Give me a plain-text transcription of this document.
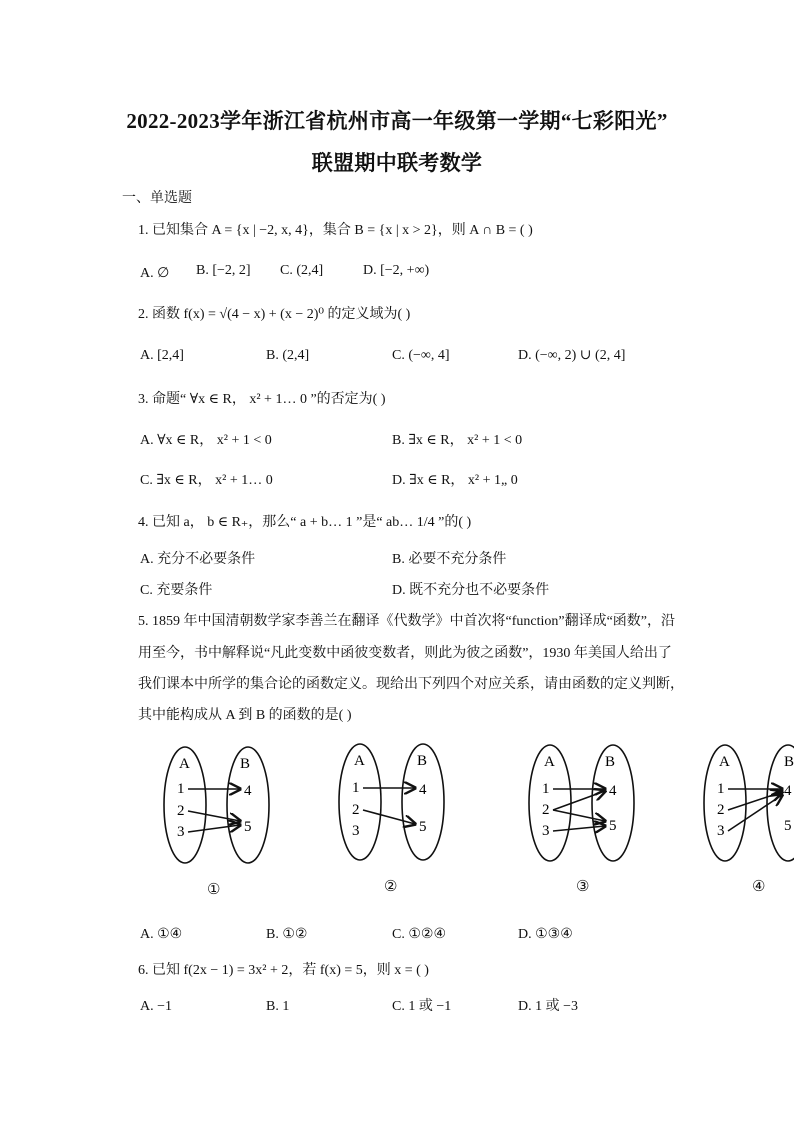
2022-2023学年浙江省杭州市高一年级第一学期“七彩阳光”
联盟期中联考数学
一、单选题
1. 已知集合 A = {x | −2, x, 4}，集合 B = {x | x > 2}，则 A ∩ B = ( )
A. ∅ B. [−2, 2] C. (2,4]	D. [−2, +∞)
2. 函数 f(x) = √(4 − x) + (x − 2)⁰ 的定义域为( )
A. [2,4]	B. (2,4]	C. (−∞, 4]	D. (−∞, 2) ∪ (2, 4]
3. 命题“ ∀x ∈ R， x² + 1… 0 ”的否定为( )
A. ∀x ∈ R， x² + 1 < 0	B. ∃x ∈ R， x² + 1 < 0
C. ∃x ∈ R， x² + 1… 0	D. ∃x ∈ R， x² + 1„ 0
4. 已知 a， b ∈ R₊，那么“ a + b… 1 ”是“ ab… 1/4 ”的( )
A. 充分不必要条件	B. 必要不充分条件
C. 充要条件	D. 既不充分也不必要条件
5. 1859 年中国清朝数学家李善兰在翻译《代数学》中首次将“function”翻译成“函数”，沿
用至今，书中解释说“凡此变数中函彼变数者，则此为彼之函数”，1930 年美国人给出了
我们课本中所学的集合论的函数定义。现给出下列四个对应关系，请由函数的定义判断，
其中能构成从 A 到 B 的函数的是( )
A	B
1
2
3
4
5
①
A	B
1
2
3
4
5
②
A	B
1
2
3
4
5
③
A	B
1
2
3
4
5
④
A. ①④	B. ①②	C. ①②④	D. ①③④
6. 已知 f(2x − 1) = 3x² + 2，若 f(x) = 5，则 x = ( )
A. −1	B. 1	C. 1 或 −1	D. 1 或 −3
